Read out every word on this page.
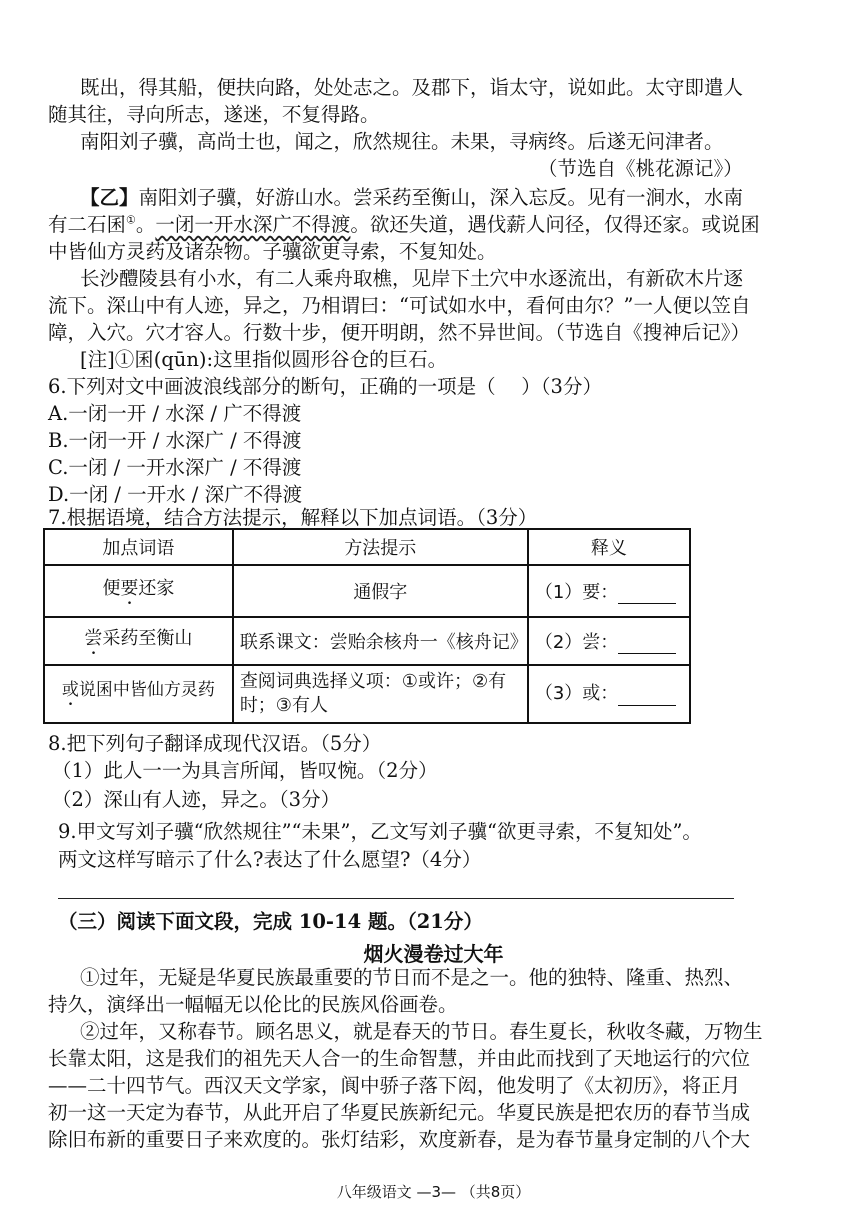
既出，得其船，便扶向路，处处志之。及郡下，诣太守，说如此。太守即遣人
随其往，寻向所志，遂迷，不复得路。
南阳刘子骥，高尚士也，闻之，欣然规往。未果，寻病终。后遂无问津者。
（节选自《桃花源记》）
【乙】南阳刘子骥，好游山水。尝采药至衡山，深入忘反。见有一涧水，水南
有二石囷①。一闭一开水深广不得渡。欲还失道，遇伐薪人问径，仅得还家。或说囷
中皆仙方灵药及诸杂物。子骥欲更寻索，不复知处。
长沙醴陵县有小水，有二人乘舟取樵，见岸下土穴中水逐流出，有新砍木片逐
流下。深山中有人迹，异之，乃相谓曰：“可试如水中，看何由尔？”一人便以笠自
障，入穴。穴才容人。行数十步，便开明朗，然不异世间。（节选自《搜神后记》）
[注]①囷(qūn):这里指似圆形谷仓的巨石。
6.下列对文中画波浪线部分的断句，正确的一项是（　 ）（3分）
A.一闭一开 / 水深 / 广不得渡
B.一闭一开 / 水深广 / 不得渡
C.一闭 / 一开水深广 / 不得渡
D.一闭 / 一开水 / 深广不得渡
7.根据语境，结合方法提示，解释以下加点词语。（3分）
加点词语	方法提示	释义
便要还家	通假字	（1）要：
尝采药至衡山	联系课文：尝贻余核舟一《核舟记》	（2）尝：
或说囷中皆仙方灵药	查阅词典选择义项：①或许；②有时；③有人	（3）或：
8.把下列句子翻译成现代汉语。（5分）
（1）此人一一为具言所闻，皆叹惋。（2分）
（2）深山有人迹，异之。（3分）
9.甲文写刘子骥“欣然规往”“未果”，乙文写刘子骥“欲更寻索，不复知处”。
两文这样写暗示了什么?表达了什么愿望?（4分）
（三）阅读下面文段，完成 10-14 题。（21分）
烟火漫卷过大年
①过年，无疑是华夏民族最重要的节日而不是之一。他的独特、隆重、热烈、
持久，演绎出一幅幅无以伦比的民族风俗画卷。
②过年，又称春节。顾名思义，就是春天的节日。春生夏长，秋收冬藏，万物生
长靠太阳，这是我们的祖先天人合一的生命智慧，并由此而找到了天地运行的穴位
——二十四节气。西汉天文学家，阆中骄子落下闳，他发明了《太初历》，将正月
初一这一天定为春节，从此开启了华夏民族新纪元。华夏民族是把农历的春节当成
除旧布新的重要日子来欢度的。张灯结彩，欢度新春，是为春节量身定制的八个大
八年级语文 —3— （共8页）
